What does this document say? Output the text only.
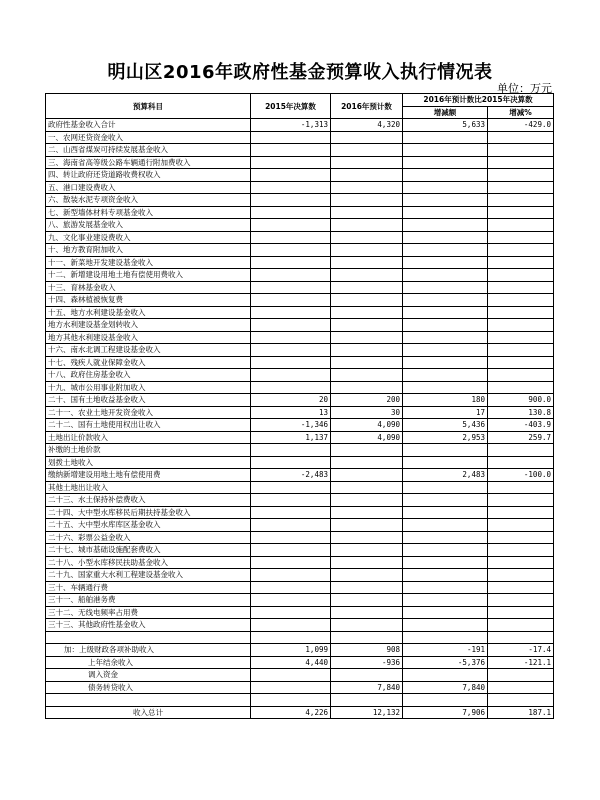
明山区2016年政府性基金预算收入执行情况表
单位：万元
预算科目	2015年决算数	2016年预计数	2016年预计数比2015年决算数	
			增减额	增减%
政府性基金收入合计	-1,313	4,320	5,633	-429.0
一、农网还贷资金收入				
二、山西省煤炭可持续发展基金收入				
三、海南省高等级公路车辆通行附加费收入				
四、转让政府还贷道路收费权收入				
五、港口建设费收入				
六、散装水泥专项资金收入				
七、新型墙体材料专项基金收入				
八、旅游发展基金收入				
九、文化事业建设费收入				
十、地方教育附加收入				
十一、新菜地开发建设基金收入				
十二、新增建设用地土地有偿使用费收入				
十三、育林基金收入				
十四、森林植被恢复费				
十五、地方水利建设基金收入				
地方水利建设基金划转收入				
地方其他水利建设基金收入				
十六、南水北调工程建设基金收入				
十七、残疾人就业保障金收入				
十八、政府住房基金收入				
十九、城市公用事业附加收入				
二十、国有土地收益基金收入	20	200	180	900.0
二十一、农业土地开发资金收入	13	30	17	130.8
二十二、国有土地使用权出让收入	-1,346	4,090	5,436	-403.9
土地出让价款收入	1,137	4,090	2,953	259.7
补缴的土地价款				
划拨土地收入				
缴纳新增建设用地土地有偿使用费	-2,483		2,483	-100.0
其他土地出让收入				
二十三、水土保持补偿费收入				
二十四、大中型水库移民后期扶持基金收入				
二十五、大中型水库库区基金收入				
二十六、彩票公益金收入				
二十七、城市基础设施配套费收入				
二十八、小型水库移民扶助基金收入				
二十九、国家重大水利工程建设基金收入				
三十、车辆通行费				
三十一、船舶港务费				
三十二、无线电频率占用费				
三十三、其他政府性基金收入				

加：上级财政各项补助收入	1,099	908	-191	-17.4
上年结余收入	4,440	-936	-5,376	-121.1
调入资金				
债务转贷收入		7,840	7,840	

收入总计	4,226	12,132	7,906	187.1
